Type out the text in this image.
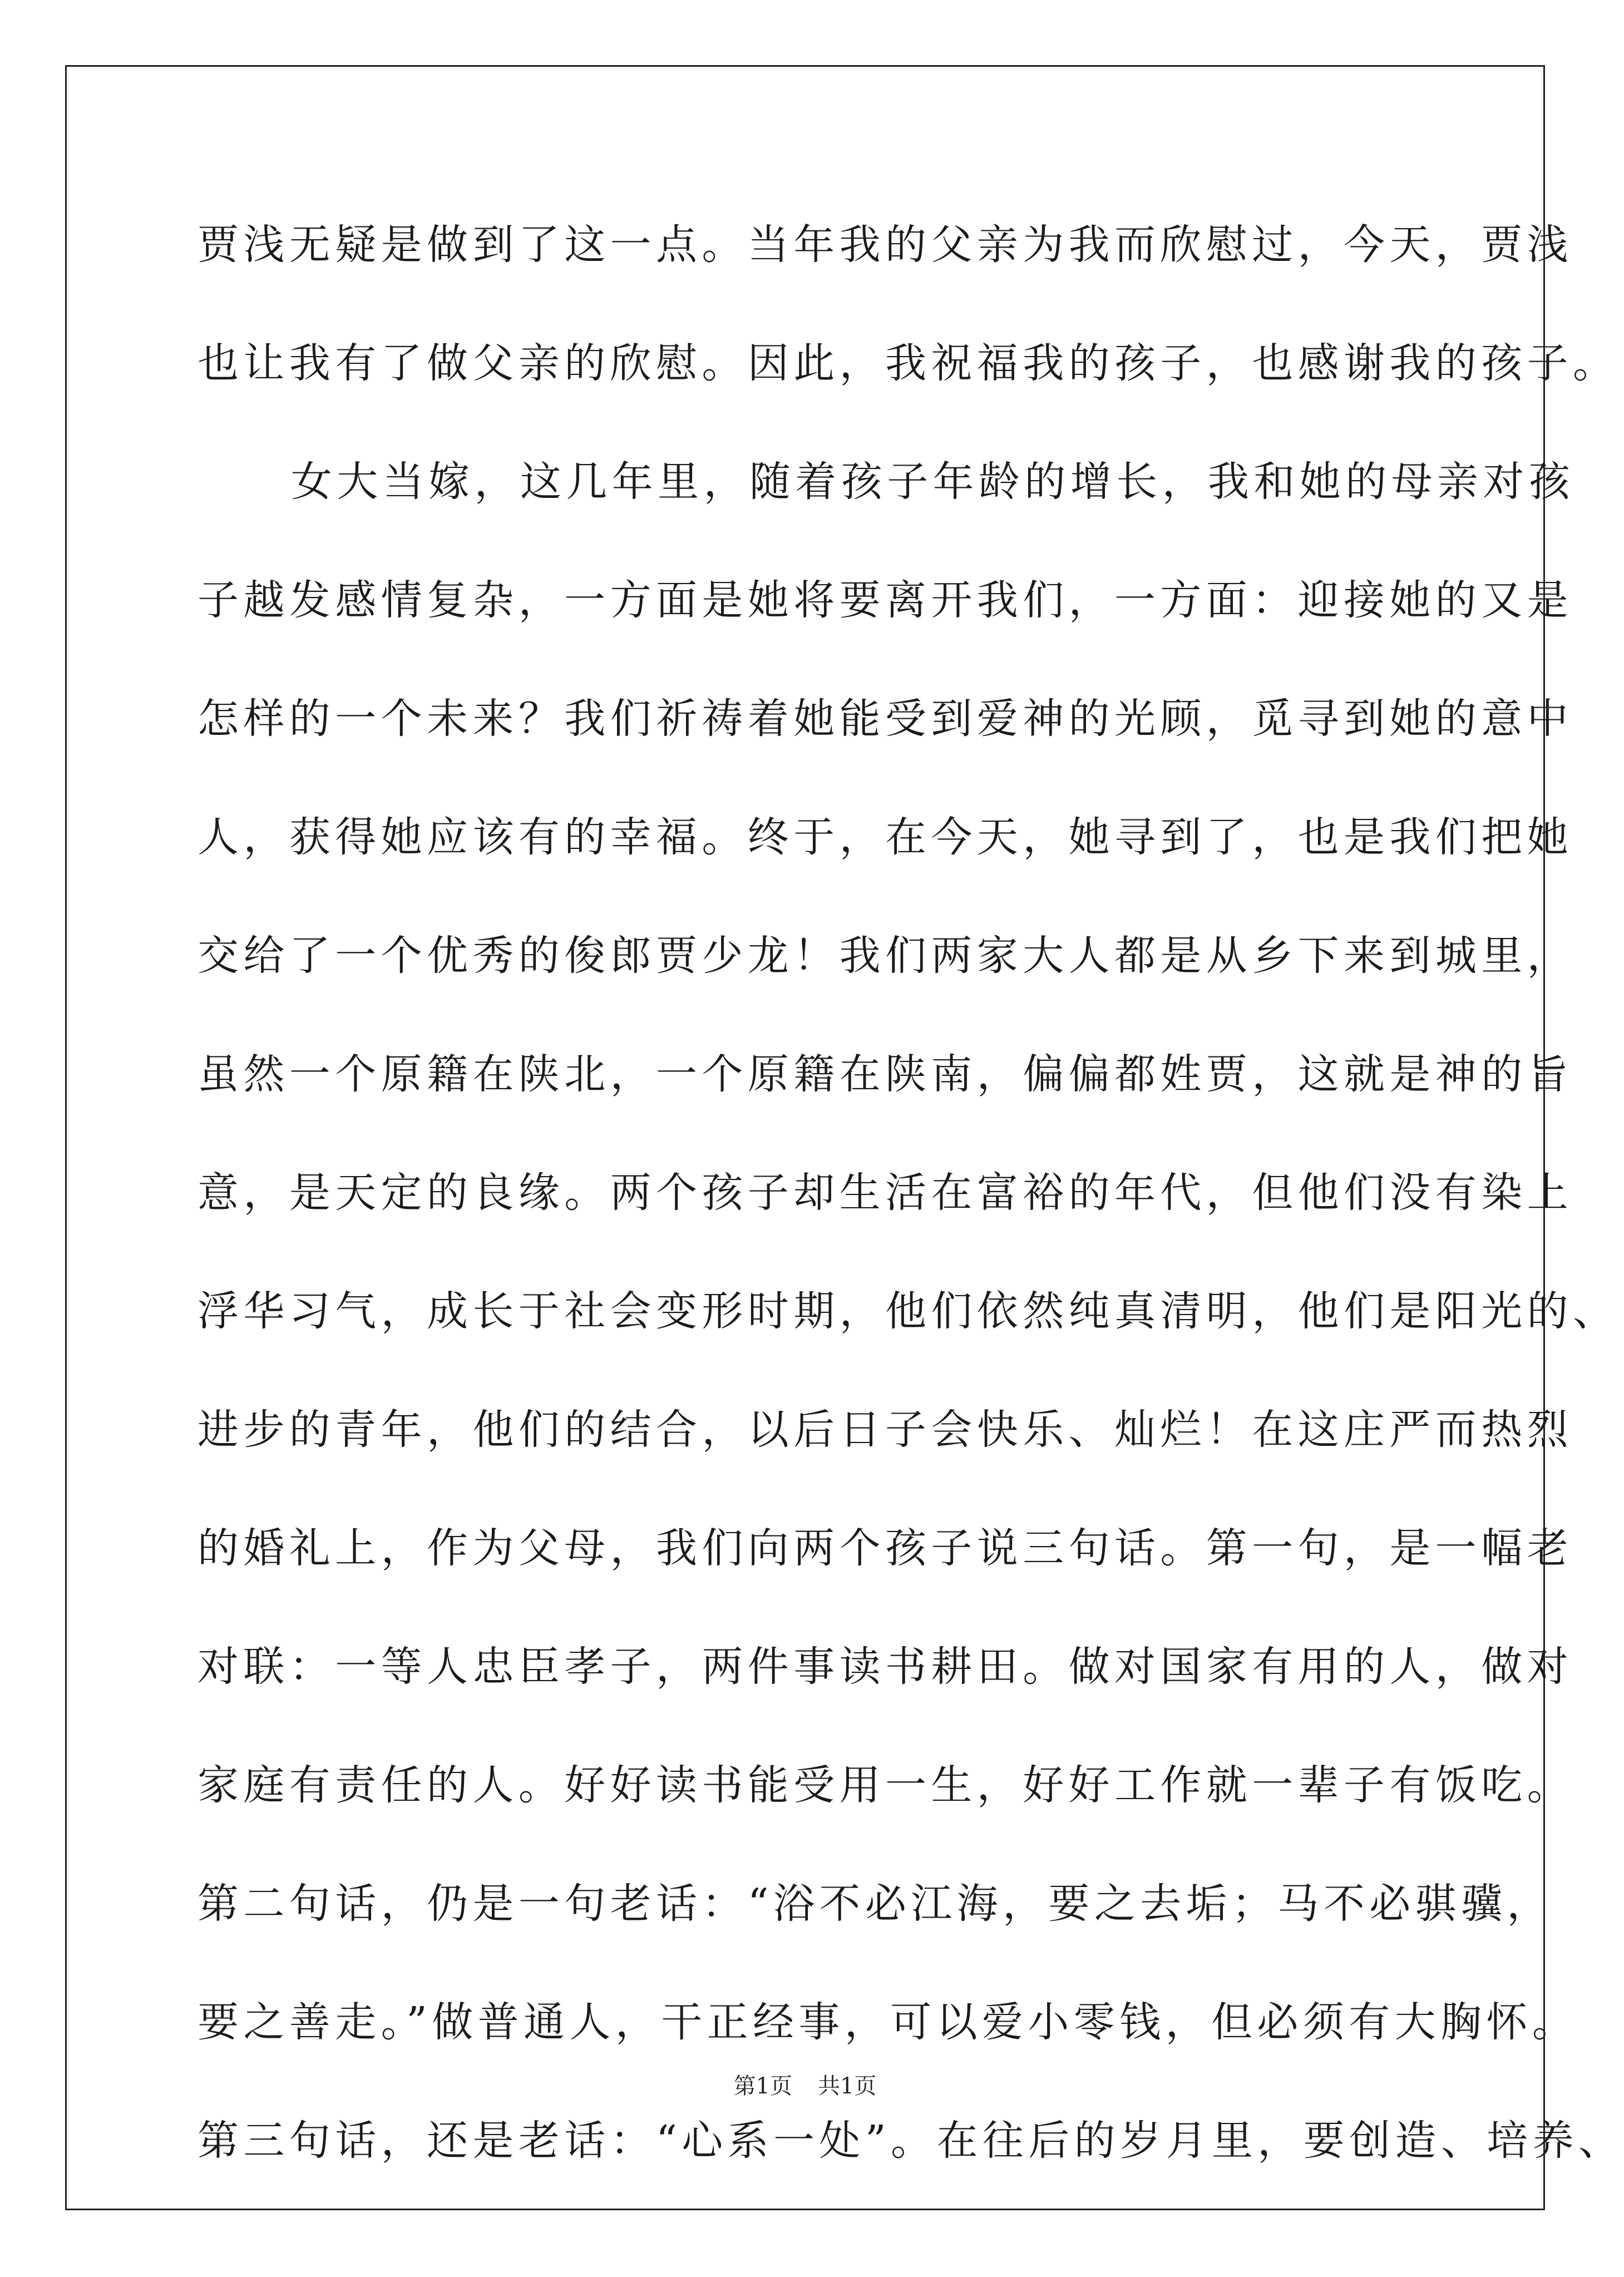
贾浅无疑是做到了这一点。当年我的父亲为我而欣慰过，今天，贾浅
也让我有了做父亲的欣慰。因此，我祝福我的孩子，也感谢我的孩子。
女大当嫁，这几年里，随着孩子年龄的增长，我和她的母亲对孩
子越发感情复杂，一方面是她将要离开我们，一方面：迎接她的又是
怎样的一个未来？我们祈祷着她能受到爱神的光顾，觅寻到她的意中
人，获得她应该有的幸福。终于，在今天，她寻到了，也是我们把她
交给了一个优秀的俊郎贾少龙！我们两家大人都是从乡下来到城里，
虽然一个原籍在陕北，一个原籍在陕南，偏偏都姓贾，这就是神的旨
意，是天定的良缘。两个孩子却生活在富裕的年代，但他们没有染上
浮华习气，成长于社会变形时期，他们依然纯真清明，他们是阳光的、
进步的青年，他们的结合，以后日子会快乐、灿烂！在这庄严而热烈
的婚礼上，作为父母，我们向两个孩子说三句话。第一句，是一幅老
对联：一等人忠臣孝子，两件事读书耕田。做对国家有用的人，做对
家庭有责任的人。好好读书能受用一生，好好工作就一辈子有饭吃。
第二句话，仍是一句老话：“浴不必江海，要之去垢；马不必骐骥，
要之善走。”做普通人，干正经事，可以爱小零钱，但必须有大胸怀。
第三句话，还是老话：“心系一处”。在往后的岁月里，要创造、培养、
第1页 共1页
